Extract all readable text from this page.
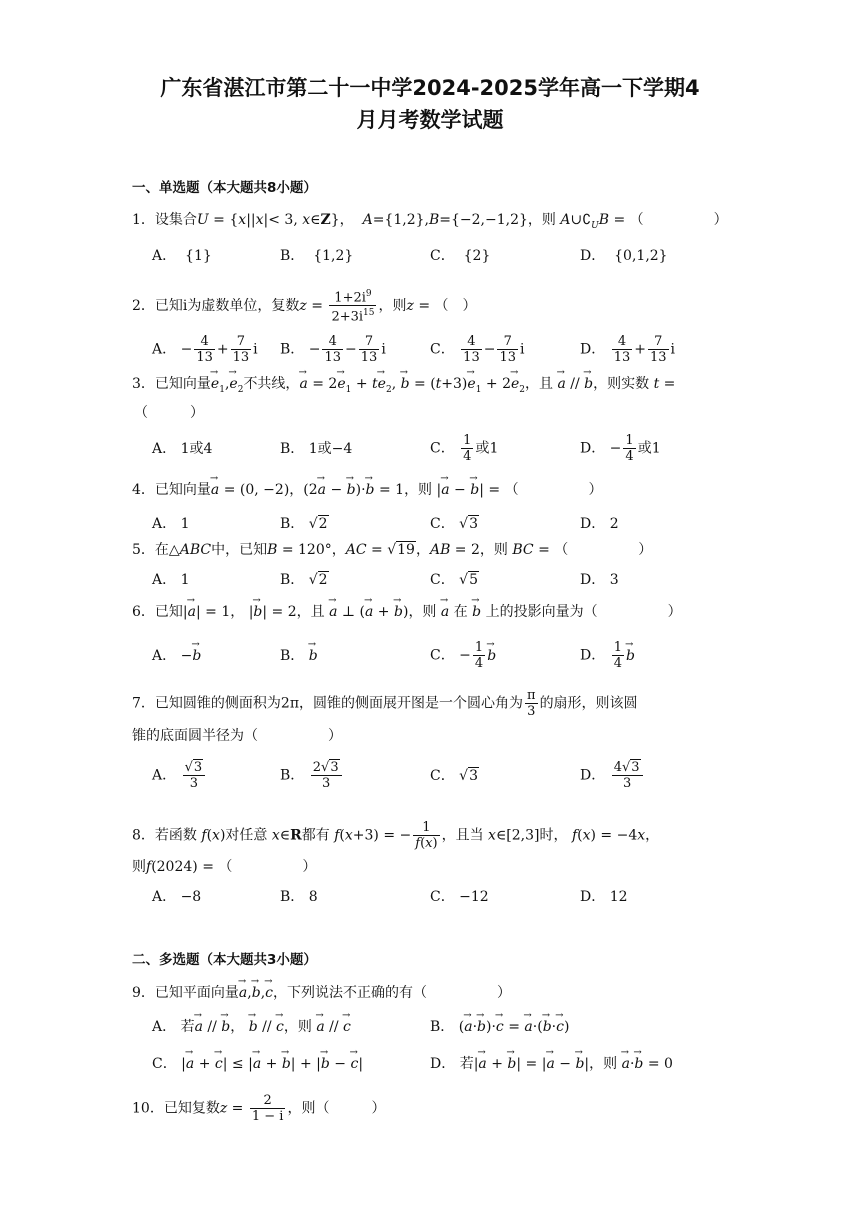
广东省湛江市第二十一中学2024-2025学年高一下学期4
月月考数学试题
一、单选题（本大题共8小题）
1．设集合U = {x||x|< 3, x∈Z}，  A={1,2},B={−2,−1,2}，则 $A\cup∁_UB$ = （　　　　　）
A． {1}	B． {1,2}	C． {2}	D． {0,1,2}
2．已知i为虚数单位，复数$z = \frac{1+2i^9}{2+3i^{15}}$ ，则z = （　）
A． − $\frac{4}{13} + \frac{7}{13}$ i B． − $\frac{4}{13} - \frac{7}{13}$ i	C． $\frac{4}{13} - \frac{7}{13}$ i	D． $\frac{4}{13} + \frac{7}{13}$ i
3．已知向量→ $e_1,\to e_2$不共线，→ $a = 2\to e_1 + t\to e_2$, → $b = (t+3)\to e_1 + 2\to e_2$，且 → a // → b，则实数 t =
（　　　）
A． 1或4	B． 1或−4	C． $\frac{1}{4}$ 或1	D． − $\frac{1}{4}$ 或1
4．已知向量→ a = (0, −2)，(2→ a − → b)·→ b = 1，则 |→ a − → b| = （　　　　　）
A． 1	B． √2	C． √3	D． 2
5．在△ABC中，已知B = 120°，AC = √19，AB = 2，则 BC = （　　　　　）
A． 1	B． √2	C． √5	D． 3
6．已知|→ a| = 1， |→ b| = 2，且 → a ⊥ (→ a + → b)，则 → a 在 → b 上的投影向量为（　　　　　）
A． −→ b	B． → b	C． − $\frac{1}{4}$
→ b	D． $\frac{1}{4}$
→ b
7．已知圆锥的侧面积为2π，圆锥的侧面展开图是一个圆心角为 $\frac{\pi}{3}$ 的扇形，则该圆
锥的底面圆半径为（　　　　　）
A． $\frac{√3}{3}$	B． $\frac{2√3}{3}$	C． √3	D． $\frac{4√3}{3}$
8．若函数 f(x)对任意 x∈R都有 f(x+3) = − $\frac{1}{f(x)}$ ，且当 x∈[2,3]时， f(x) = −4x，
则f(2024) = （　　　　　）
A． −8	B． 8	C． −12	D． 12
二、多选题（本大题共3小题）
9．已知平面向量→ a,→ b,→ c，下列说法不正确的有（　　　　　）
A． 若→ a // → b， → b // → c，则 → a // → c	B． (→ a·→ b)·→ c = → a·(→ b·→ c)
C． |→ a + → c| ≤ |→ a + → b| + |→ b − → c|	D． 若|→ a + → b| = |→ a − → b|，则 → a·→ b = 0
10．已知复数$z = \frac{2}{1 - i}$ ，则（　　　）
